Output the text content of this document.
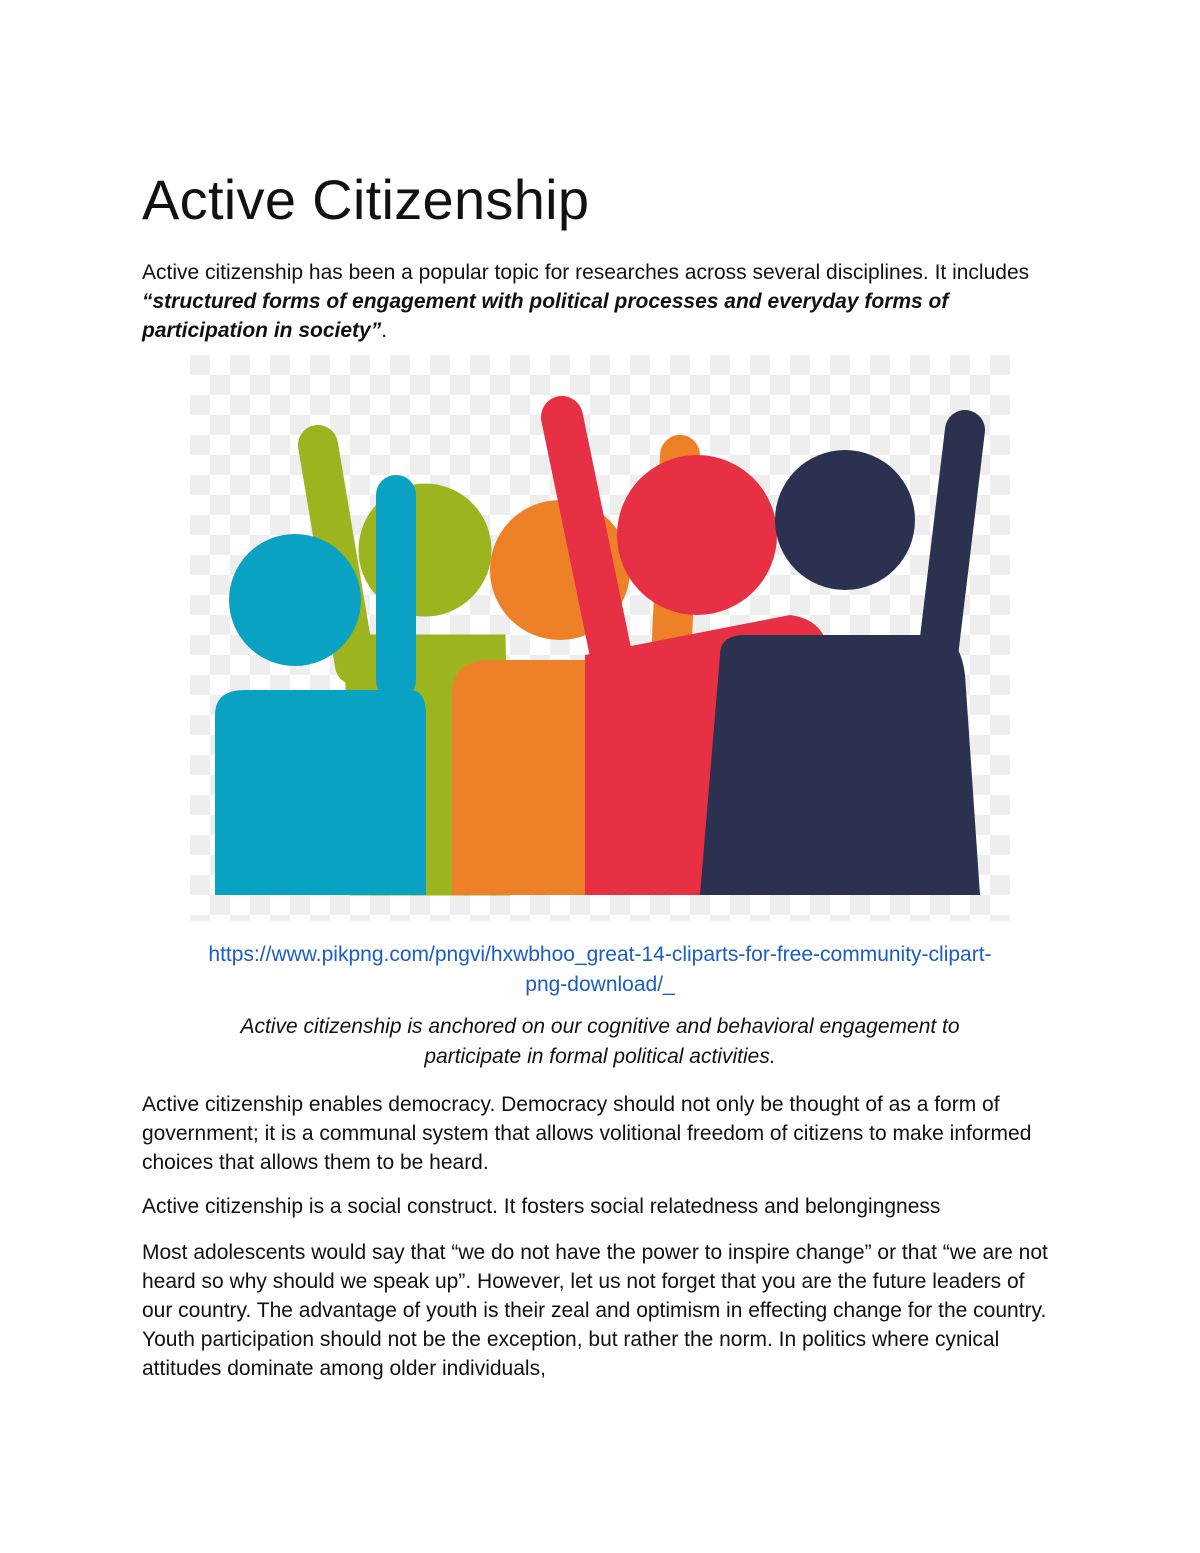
Active Citizenship

Active citizenship has been a popular topic for researches across several disciplines. It includes “structured forms of engagement with political processes and everyday forms of participation in society”.

https://www.pikpng.com/pngvi/hxwbhoo_great-14-cliparts-for-free-community-clipart-
png-download/_
Active citizenship is anchored on our cognitive and behavioral engagement to
participate in formal political activities.

Active citizenship enables democracy. Democracy should not only be thought of as a form of government; it is a communal system that allows volitional freedom of citizens to make informed choices that allows them to be heard.

Active citizenship is a social construct. It fosters social relatedness and belongingness

Most adolescents would say that “we do not have the power to inspire change” or that “we are not heard so why should we speak up”. However, let us not forget that you are the future leaders of our country. The advantage of youth is their zeal and optimism in effecting change for the country. Youth participation should not be the exception, but rather the norm. In politics where cynical attitudes dominate among older individuals,
